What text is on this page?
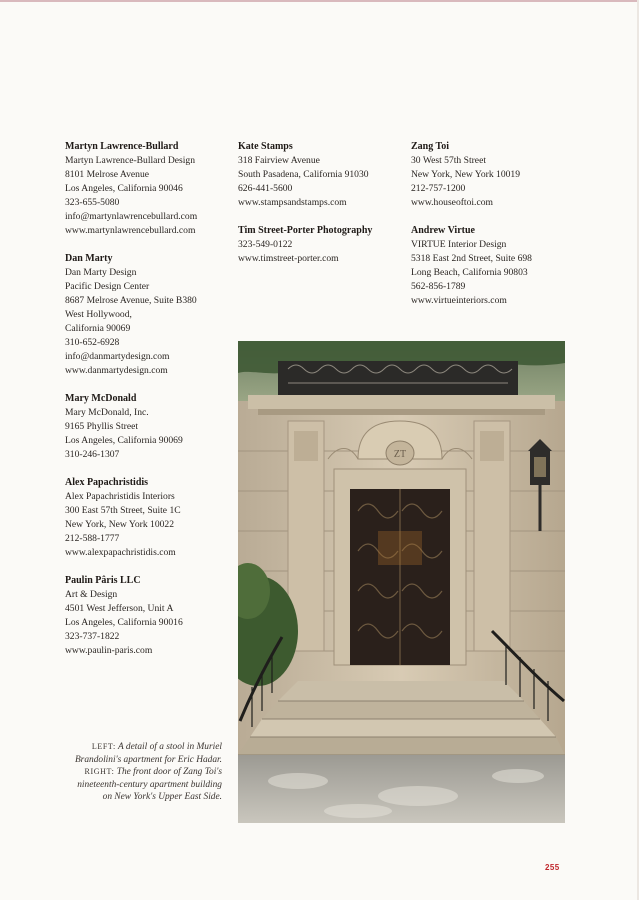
Martyn Lawrence-Bullard
Martyn Lawrence-Bullard Design
8101 Melrose Avenue
Los Angeles, California 90046
323-655-5080
info@martynlawrencebullard.com
www.martynlawrencebullard.com
Dan Marty
Dan Marty Design
Pacific Design Center
8687 Melrose Avenue, Suite B380
West Hollywood,
California 90069
310-652-6928
info@danmartydesign.com
www.danmartydesign.com
Mary McDonald
Mary McDonald, Inc.
9165 Phyllis Street
Los Angeles, California 90069
310-246-1307
Alex Papachristidis
Alex Papachristidis Interiors
300 East 57th Street, Suite 1C
New York, New York 10022
212-588-1777
www.alexpapachristidis.com
Paulin Pâris LLC
Art & Design
4501 West Jefferson, Unit A
Los Angeles, California 90016
323-737-1822
www.paulin-paris.com
Kate Stamps
318 Fairview Avenue
South Pasadena, California 91030
626-441-5600
www.stampsandstamps.com
Tim Street-Porter Photography
323-549-0122
www.timstreet-porter.com
Zang Toi
30 West 57th Street
New York, New York 10019
212-757-1200
www.houseoftoi.com
Andrew Virtue
VIRTUE Interior Design
5318 East 2nd Street, Suite 698
Long Beach, California 90803
562-856-1789
www.virtueinteriors.com
ZT
LEFT: A detail of a stool in Muriel Brandolini's apartment for Eric Hadar.
RIGHT: The front door of Zang Toi's nineteenth-century apartment building on New York's Upper East Side.
255
